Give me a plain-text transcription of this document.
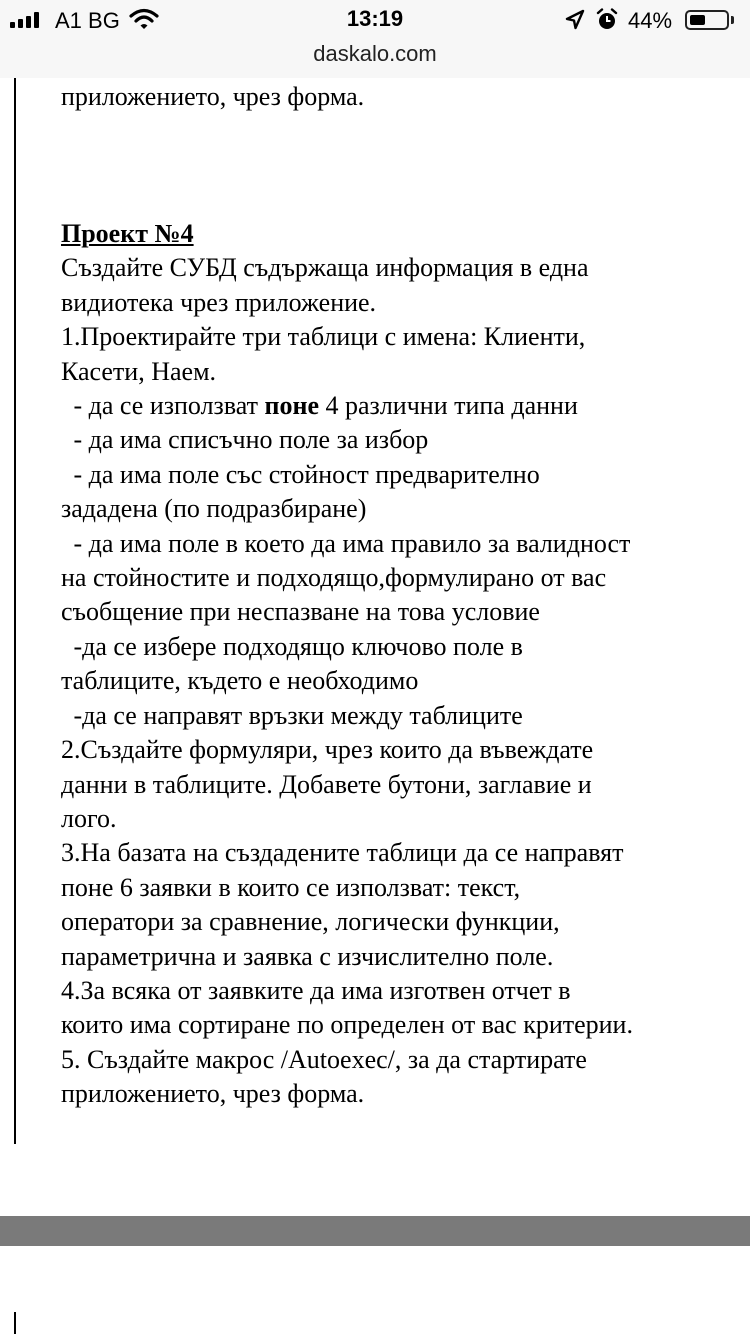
A1 BG	13:19	44%
daskalo.com
приложението, чрез форма.
Проект №4
Създайте СУБД съдържаща информация в една
видиотека чрез приложение.
1.Проектирайте три таблици с имена: Клиенти,
Касети, Наем.
- да се използват поне 4 различни типа данни
- да има списъчно поле за избор
- да има поле със стойност предварително
зададена (по подразбиране)
- да има поле в което да има правило за валидност
на стойностите и подходящо,формулирано от вас
съобщение при неспазване на това условие
-да се избере подходящо ключово поле в
таблиците, където е необходимо
-да се направят връзки между таблиците
2.Създайте формуляри, чрез които да въвеждате
данни в таблиците. Добавете бутони, заглавие и
лого.
3.На базата на създадените таблици да се направят
поне 6 заявки в които се използват: текст,
оператори за сравнение, логически функции,
параметрична и заявка с изчислително поле.
4.За всяка от заявките да има изготвен отчет в
които има сортиране по определен от вас критерии.
5. Създайте макрос /Autoexec/, за да стартирате
приложението, чрез форма.
